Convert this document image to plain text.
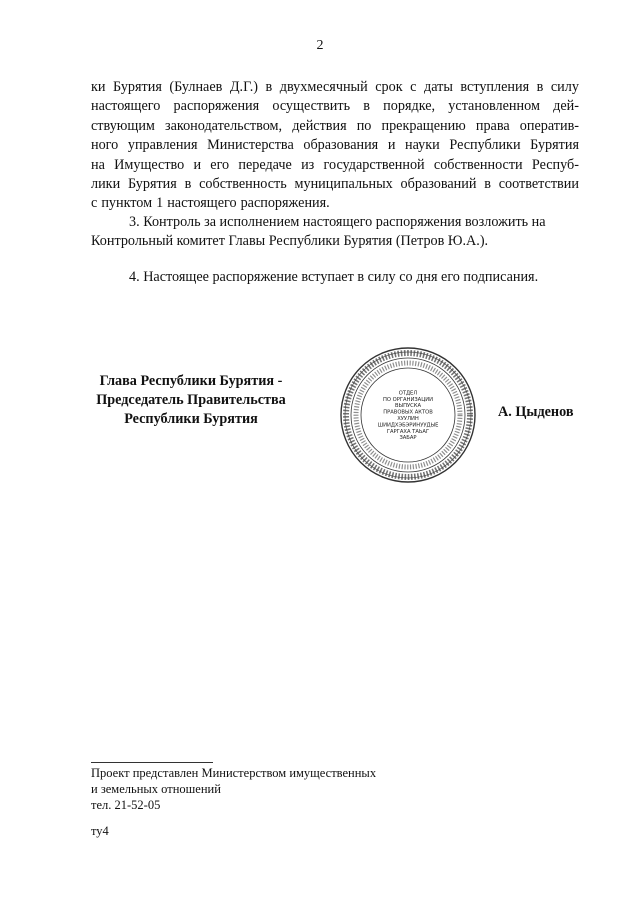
2
ки Бурятия (Булнаев Д.Г.) в двухмесячный срок с даты вступления в силу
настоящего распоряжения осуществить в порядке, установленном дей-
ствующим законодательством, действия по прекращению права оператив-
ного управления Министерства образования и науки Республики Бурятия
на Имущество и его передаче из государственной собственности Респуб-
лики Бурятия в собственность муниципальных образований в соответствии
с пунктом 1 настоящего распоряжения.
3. Контроль за исполнением настоящего распоряжения возложить на
Контрольный комитет Главы Республики Бурятия (Петров Ю.А.).
4. Настоящее распоряжение вступает в силу со дня его подписания.
Глава Республики Бурятия -
Председатель Правительства
Республики Бурятия
ОТДЕЛ
ПО ОРГАНИЗАЦИИ
ВЫПУСКА
ПРАВОВЫХ АКТОВ
ХУУЛИН
ШИИДХЭБЭРИНУУДЫЕ
ГАРГАХА ТАЬАГ
ЗАБАР
А. Цыденов
Проект представлен Министерством имущественных
и земельных отношений
тел. 21-52-05
ту4
